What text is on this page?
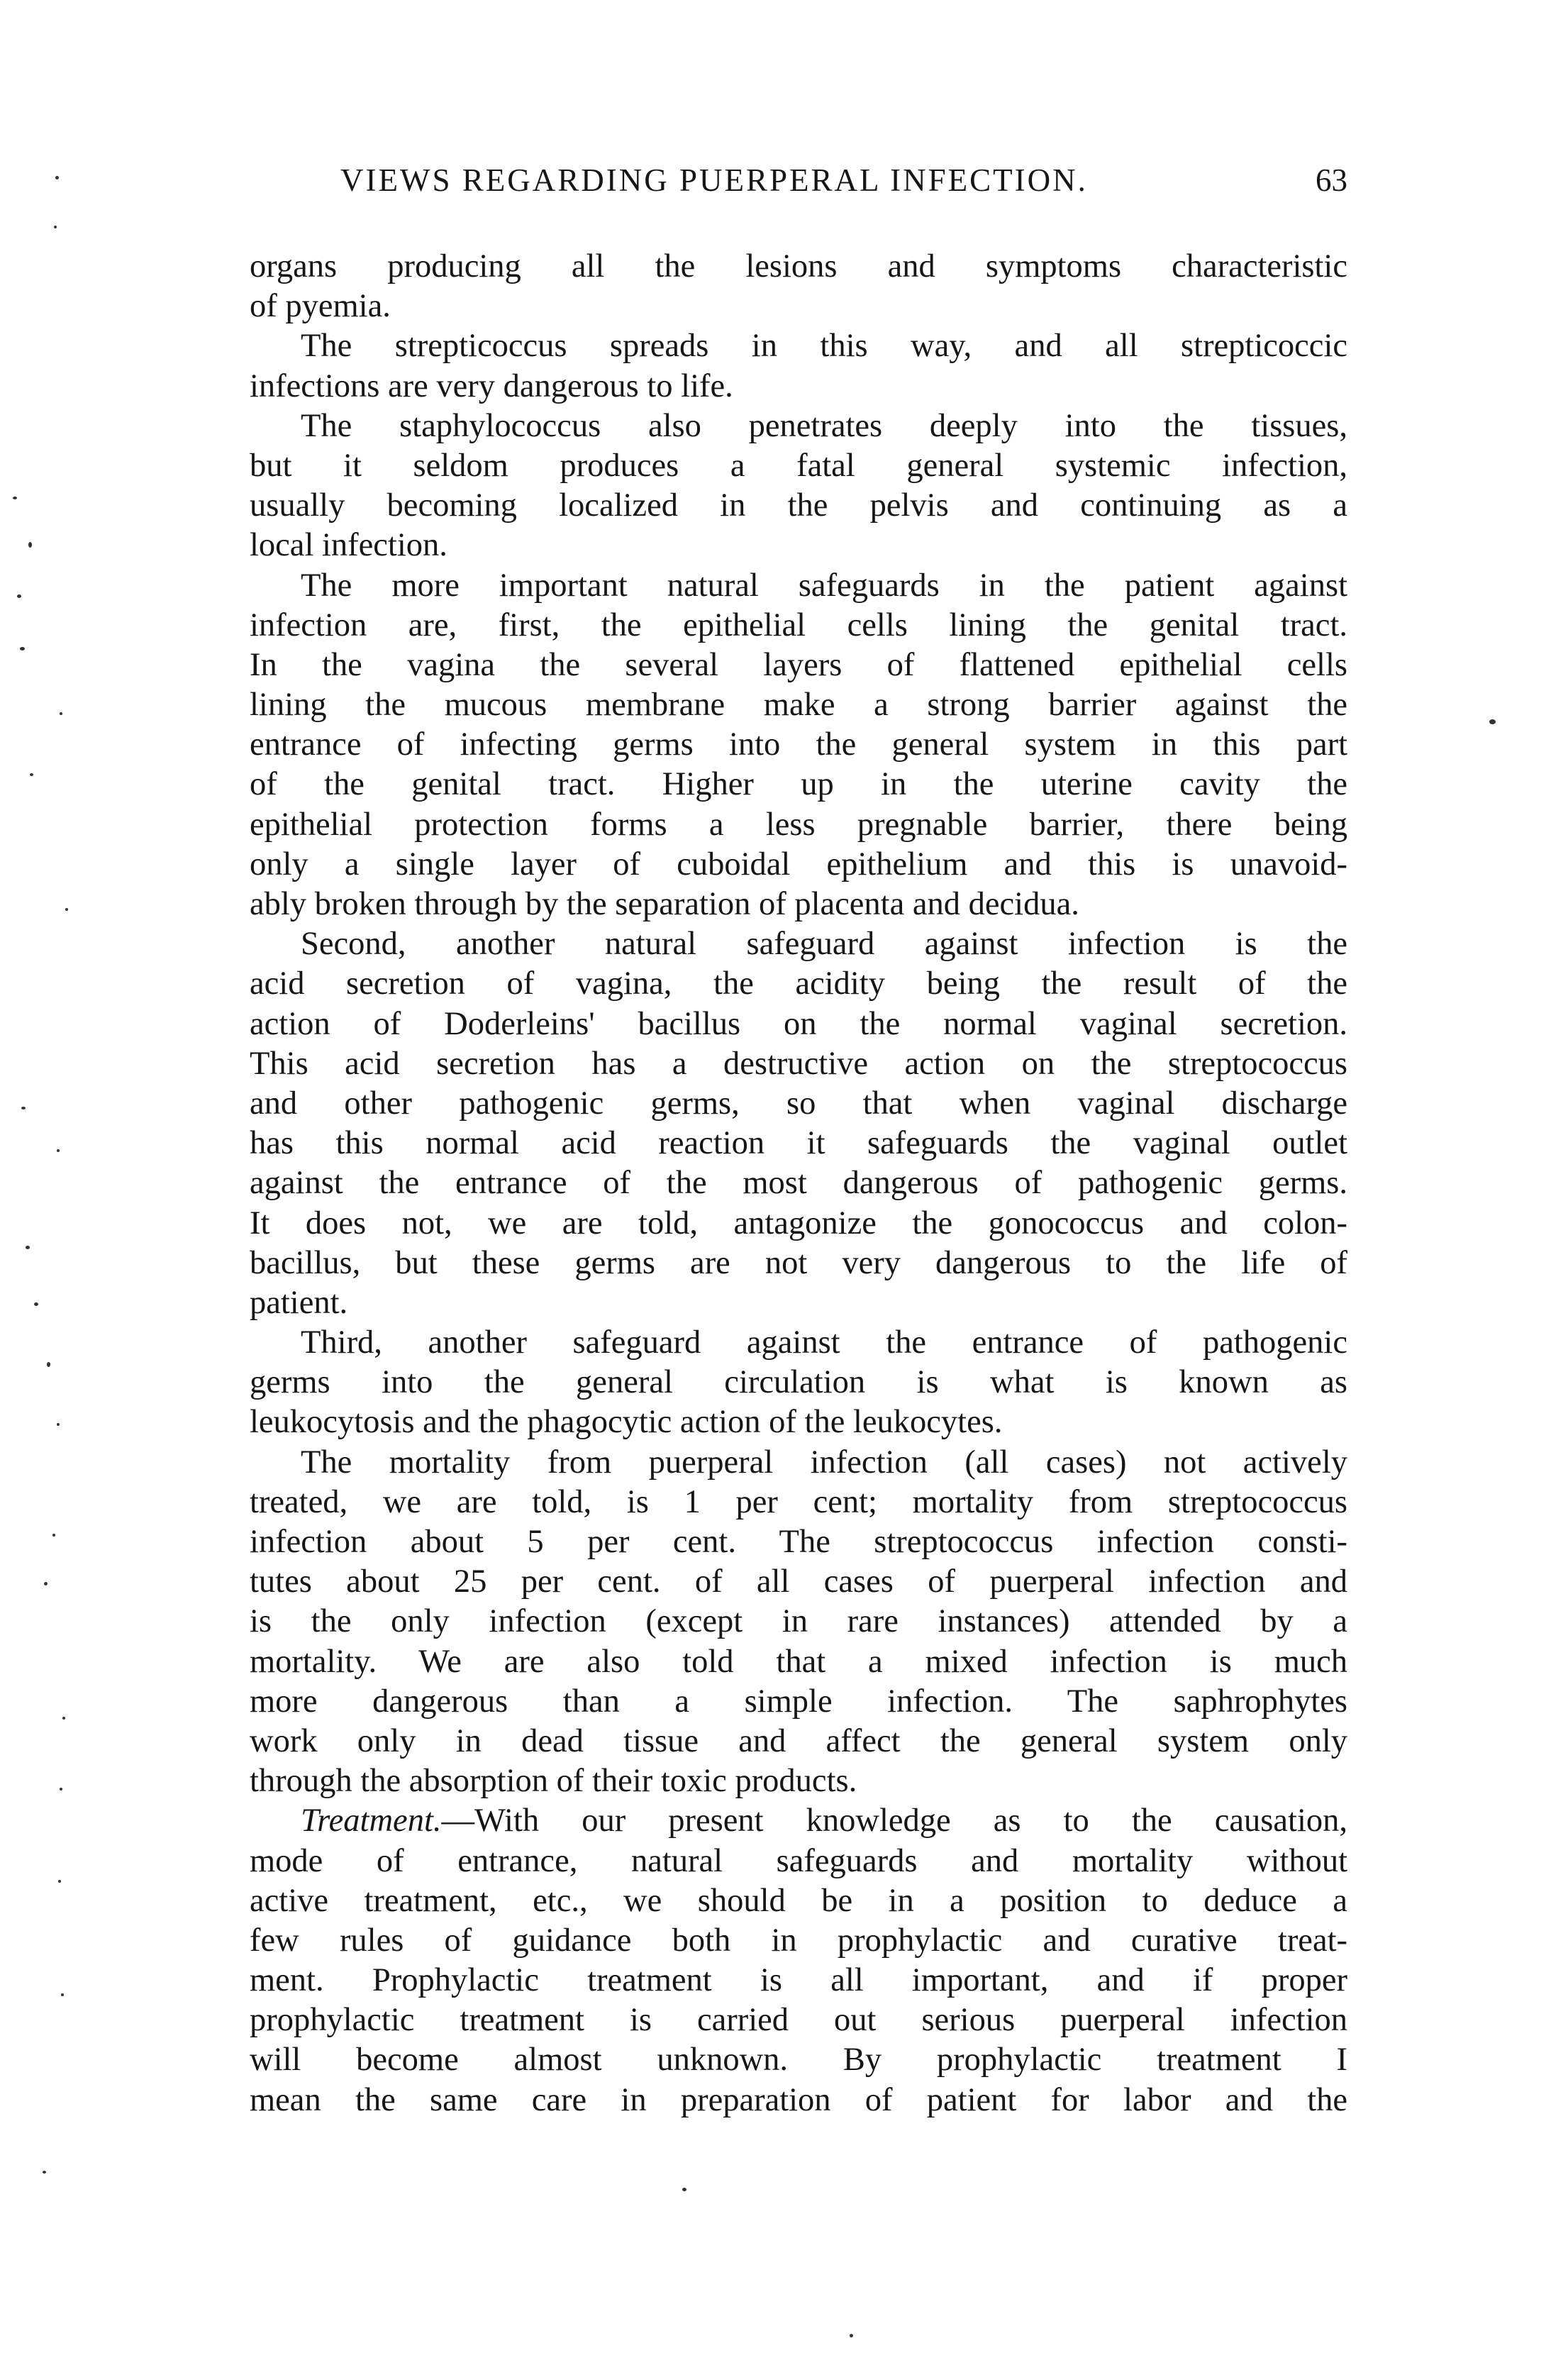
VIEWS REGARDING PUERPERAL INFECTION.	63
organs producing all the lesions and symptoms characteristic
of pyemia.
The strepticoccus spreads in this way, and all strepticoccic
infections are very dangerous to life.
The staphylococcus also penetrates deeply into the tissues,
but it seldom produces a fatal general systemic infection,
usually becoming localized in the pelvis and continuing as a
local infection.
The more important natural safeguards in the patient against
infection are, first, the epithelial cells lining the genital tract.
In the vagina the several layers of flattened epithelial cells
lining the mucous membrane make a strong barrier against the
entrance of infecting germs into the general system in this part
of the genital tract. Higher up in the uterine cavity the
epithelial protection forms a less pregnable barrier, there being
only a single layer of cuboidal epithelium and this is unavoid-
ably broken through by the separation of placenta and decidua.
Second, another natural safeguard against infection is the
acid secretion of vagina, the acidity being the result of the
action of Doderleins' bacillus on the normal vaginal secretion.
This acid secretion has a destructive action on the streptococcus
and other pathogenic germs, so that when vaginal discharge
has this normal acid reaction it safeguards the vaginal outlet
against the entrance of the most dangerous of pathogenic germs.
It does not, we are told, antagonize the gonococcus and colon-
bacillus, but these germs are not very dangerous to the life of
patient.
Third, another safeguard against the entrance of pathogenic
germs into the general circulation is what is known as
leukocytosis and the phagocytic action of the leukocytes.
The mortality from puerperal infection (all cases) not actively
treated, we are told, is 1 per cent; mortality from streptococcus
infection about 5 per cent. The streptococcus infection consti-
tutes about 25 per cent. of all cases of puerperal infection and
is the only infection (except in rare instances) attended by a
mortality. We are also told that a mixed infection is much
more dangerous than a simple infection. The saphrophytes
work only in dead tissue and affect the general system only
through the absorption of their toxic products.
Treatment.—With our present knowledge as to the causation,
mode of entrance, natural safeguards and mortality without
active treatment, etc., we should be in a position to deduce a
few rules of guidance both in prophylactic and curative treat-
ment. Prophylactic treatment is all important, and if proper
prophylactic treatment is carried out serious puerperal infection
will become almost unknown. By prophylactic treatment I
mean the same care in preparation of patient for labor and the
